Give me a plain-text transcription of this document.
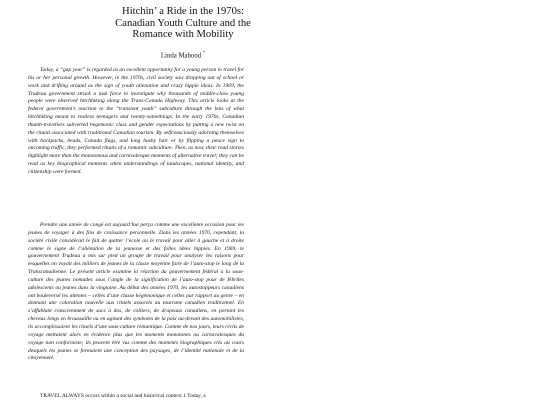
Hitchin’ a Ride in the 1970s:
Canadian Youth Culture and the
Romance with Mobility
Linda Mahood *

Today, a “gap year” is regarded as an excellent opportunity for a young person to travel for his or her personal growth. However, in the 1970s, civil society saw dropping out of school or work and drifting around as the sign of youth alienation and crazy hippie ideas. In 1969, the Trudeau government struck a task force to investigate why thousands of middle-class young people were observed hitchhiking along the Trans-Canada Highway. This article looks at the federal government’s reaction to the “transient youth” subculture through the lens of what hitchhiking meant to restless teenagers and twenty-somethings. In the early 1970s, Canadian thumb-travellers subverted hegemonic class and gender expectations by putting a new twist on the rituals associated with traditional Canadian tourism. By selfconsciously adorning themselves with backpacks, beads, Canada flags, and long bushy hair or by flipping a peace sign to oncoming traffic, they performed rituals of a romantic subculture. Then, as now, their road stories highlight more than the monotonous and carnivalesque moments of alternative travel; they can be read as key biographical moments when understandings of landscapes, national identity, and citizenship were formed.

Prendre une année de congé est aujourd’hui perçu comme une excellente occasion pour les jeunes de voyager à des fins de croissance personnelle. Dans les années 1970, cependant, la société civile considérait le fait de quitter l’école ou le travail pour aller à gauche et à droite comme le signe de l’aliénation de la jeunesse et des folles idées hippies. En 1969, le gouvernement Trudeau a mis sur pied un groupe de travail pour analyser les raisons pour lesquelles on voyait des milliers de jeunes de la classe moyenne faire de l’auto-stop le long de la Transcanadienne. Le présent article examine la réaction du gouvernement fédéral à la sous-culture des jeunes nomades sous l’angle de la signification de l’auto-stop pour de fébriles adolescents ou jeunes dans la vingtaine. Au début des années 1970, les autostoppeurs canadiens ont bouleversé les attentes – celles d’une classe hégémonique et celles par rapport au genre – en donnant une coloration nouvelle aux rituels associés au tourisme canadien traditionnel. En s’affublant consciemment de sacs à dos, de colliers, de drapeaux canadiens, en portant les cheveux longs en broussaille ou en agitant des symboles de la paix au-devant des automobilistes, ils accomplissaient les rituels d’une sous-culture romantique. Comme de nos jours, leurs récits de voyage mettaient alors en évidence plus que les moments monotones ou carnavalesques du voyage non conformiste; ils peuvent être vus comme des moments biographiques clés au cours desquels les jeunes se formaient une conception des paysages, de l’identité nationale et de la citoyenneté.

TRAVEL ALWAYS occurs within a social and historical context.1 Today, a
